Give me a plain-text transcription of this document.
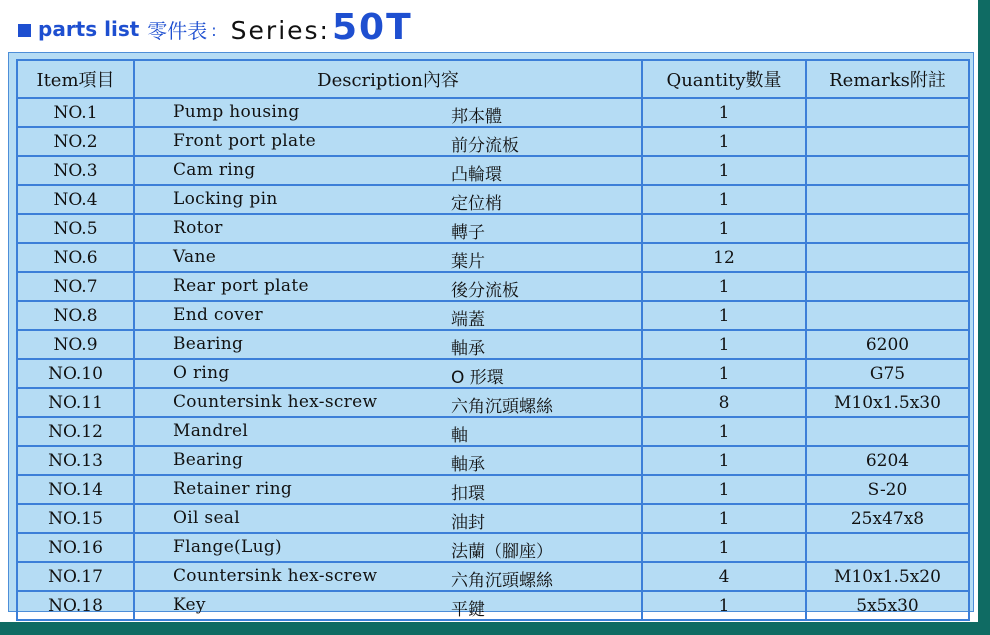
parts list 零件表 : Series: 50T
Item項目	Description內容	Quantity數量	Remarks附註
NO.1	Pump housing 邦本體	1	
NO.2	Front port plate 前分流板	1	
NO.3	Cam ring 凸輪環	1	
NO.4	Locking pin 定位梢	1	
NO.5	Rotor 轉子	1	
NO.6	Vane 葉片	12	
NO.7	Rear port plate 後分流板	1	
NO.8	End cover 端蓋	1	
NO.9	Bearing 軸承	1	6200
NO.10	O ring O 形環	1	G75
NO.11	Countersink hex-screw 六角沉頭螺絲	8	M10x1.5x30
NO.12	Mandrel 軸	1	
NO.13	Bearing 軸承	1	6204
NO.14	Retainer ring 扣環	1	S-20
NO.15	Oil seal 油封	1	25x47x8
NO.16	Flange(Lug) 法蘭（腳座）	1	
NO.17	Countersink hex-screw 六角沉頭螺絲	4	M10x1.5x20
NO.18	Key 平鍵	1	5x5x30
